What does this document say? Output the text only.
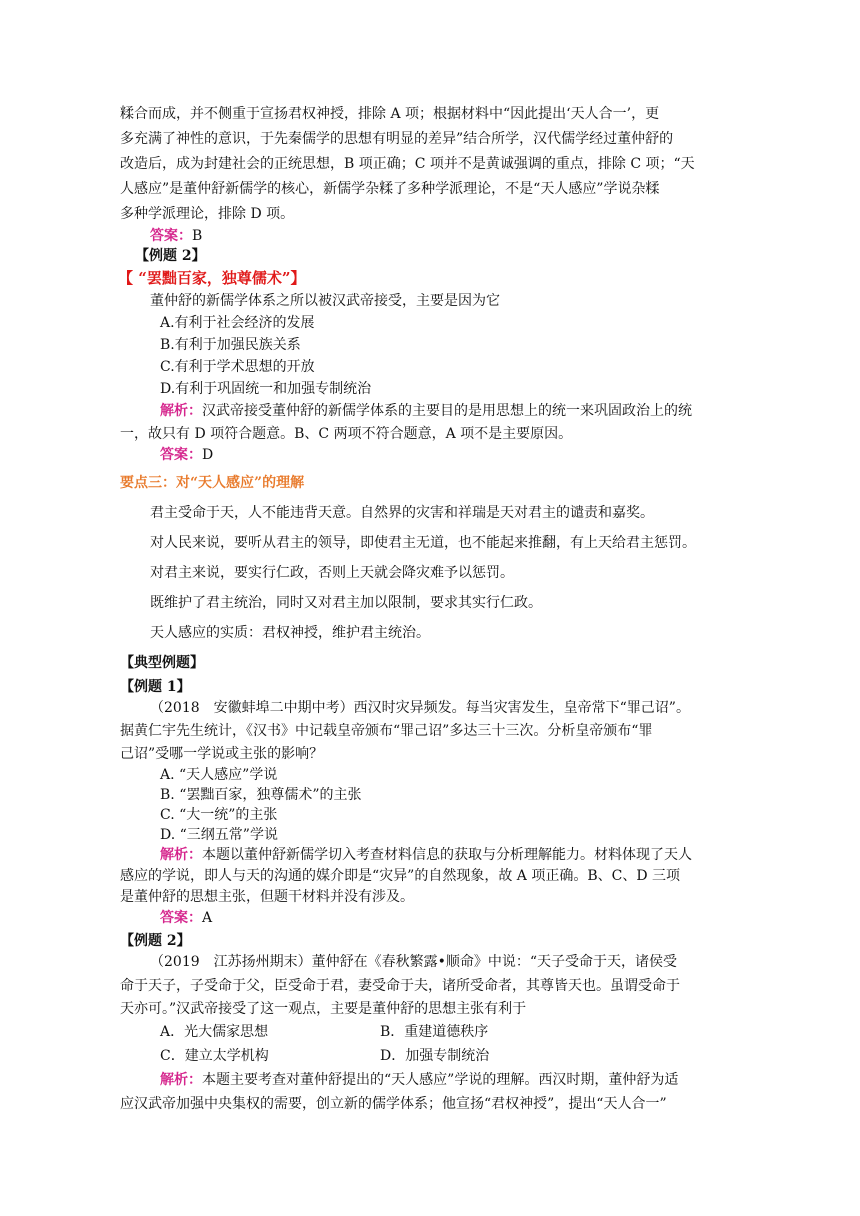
糅合而成，并不侧重于宣扬君权神授，排除 A 项；根据材料中“因此提出‘天人合一’，更
多充满了神性的意识，于先秦儒学的思想有明显的差异”结合所学，汉代儒学经过董仲舒的
改造后，成为封建社会的正统思想，B 项正确；C 项并不是黄诚强调的重点，排除 C 项；“天
人感应”是董仲舒新儒学的核心，新儒学杂糅了多种学派理论，不是“天人感应”学说杂糅
多种学派理论，排除 D 项。
答案：B
【例题 2】
【 “罢黜百家，独尊儒术”】
董仲舒的新儒学体系之所以被汉武帝接受，主要是因为它
A.有利于社会经济的发展
B.有利于加强民族关系
C.有利于学术思想的开放
D.有利于巩固统一和加强专制统治
解析：汉武帝接受董仲舒的新儒学体系的主要目的是用思想上的统一来巩固政治上的统
一，故只有 D 项符合题意。B、C 两项不符合题意，A 项不是主要原因。
答案：D
要点三：对“天人感应”的理解
君主受命于天，人不能违背天意。自然界的灾害和祥瑞是天对君主的谴责和嘉奖。
对人民来说，要听从君主的领导，即使君主无道，也不能起来推翻，有上天给君主惩罚。
对君主来说，要实行仁政，否则上天就会降灾难予以惩罚。
既维护了君主统治，同时又对君主加以限制，要求其实行仁政。
天人感应的实质：君权神授，维护君主统治。
【典型例题】
【例题 1】
（2018　安徽蚌埠二中期中考）西汉时灾异频发。每当灾害发生，皇帝常下“罪己诏”。
据黄仁宇先生统计，《汉书》中记载皇帝颁布“罪己诏”多达三十三次。分析皇帝颁布“罪
己诏”受哪一学说或主张的影响？
A. “天人感应”学说
B. “罢黜百家，独尊儒术”的主张
C. “大一统”的主张
D. “三纲五常”学说
解析：本题以董仲舒新儒学切入考查材料信息的获取与分析理解能力。材料体现了天人
感应的学说，即人与天的沟通的媒介即是“灾异”的自然现象，故 A 项正确。B、C、D 三项
是董仲舒的思想主张，但题干材料并没有涉及。
答案：A
【例题 2】
（2019　江苏扬州期末）董仲舒在《春秋繁露•顺命》中说：“天子受命于天，诸侯受
命于天子，子受命于父，臣受命于君，妻受命于夫，诸所受命者，其尊皆天也。虽谓受命于
天亦可。”汉武帝接受了这一观点，主要是董仲舒的思想主张有利于
A．光大儒家思想	B．重建道德秩序
C．建立太学机构	D．加强专制统治
解析：本题主要考查对董仲舒提出的“天人感应”学说的理解。西汉时期，董仲舒为适
应汉武帝加强中央集权的需要，创立新的儒学体系；他宣扬“君权神授”，提出“天人合一”
